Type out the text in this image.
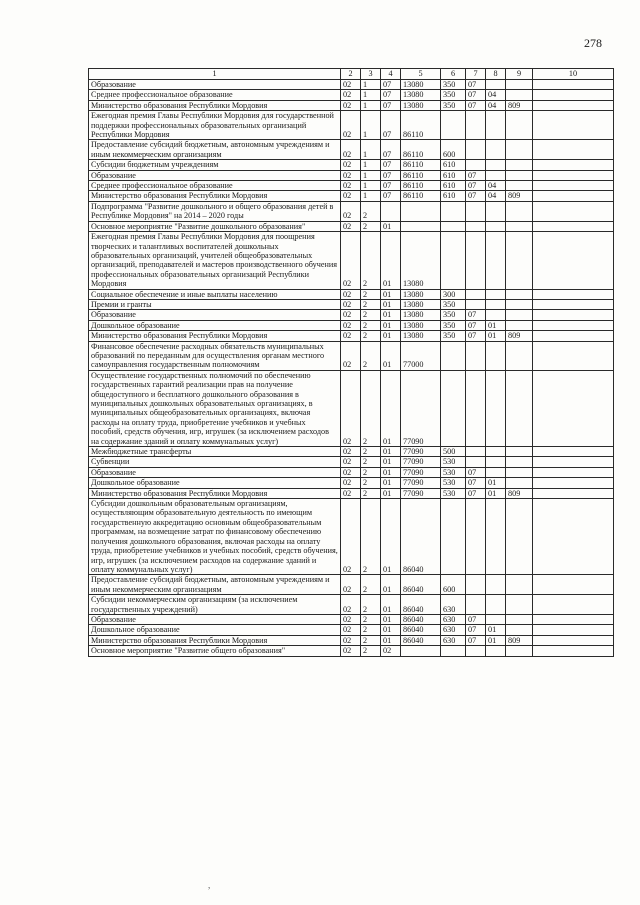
278
1	2	3	4	5	6	7	8	9	10	
Образование	02	1	07	13080	350	07				
Среднее профессиональное образование	02	1	07	13080	350	07	04			
Министерство образования Республики Мордовия	02	1	07	13080	350	07	04	809		
Ежегодная премия Главы Республики Мордовия для государственной поддержки профессиональных образовательных организаций Республики Мордовия	02	1	07	86110						
Предоставление субсидий бюджетным, автономным учреждениям и иным некоммерческим организациям	02	1	07	86110	600					
Субсидии бюджетным учреждениям	02	1	07	86110	610					
Образование	02	1	07	86110	610	07				
Среднее профессиональное образование	02	1	07	86110	610	07	04			
Министерство образования Республики Мордовия	02	1	07	86110	610	07	04	809		
Подпрограмма "Развитие дошкольного и общего образования детей в Республике Мордовия" на 2014 – 2020 годы	02	2								
Основное мероприятие "Развитие дошкольного образования"	02	2	01							
Ежегодная премия Главы Республики Мордовия для поощрения творческих и талантливых воспитателей дошкольных образовательных организаций, учителей общеобразовательных организаций, преподавателей и мастеров производственного обучения профессиональных образовательных организаций Республики Мордовия	02	2	01	13080						
Социальное обеспечение и иные выплаты населению	02	2	01	13080	300					
Премии и гранты	02	2	01	13080	350					
Образование	02	2	01	13080	350	07				
Дошкольное образование	02	2	01	13080	350	07	01			
Министерство образования Республики Мордовия	02	2	01	13080	350	07	01	809		
Финансовое обеспечение расходных обязательств муниципальных образований по переданным для осуществления органам местного самоуправления государственным полномочиям	02	2	01	77000						
Осуществление государственных полномочий по обеспечению государственных гарантий реализации прав на получение общедоступного и бесплатного дошкольного образования в муниципальных дошкольных образовательных организациях, в муниципальных общеобразовательных организациях, включая расходы на оплату труда, приобретение учебников и учебных пособий, средств обучения, игр, игрушек (за исключением расходов на содержание зданий и оплату коммунальных услуг)	02	2	01	77090						
Межбюджетные трансферты	02	2	01	77090	500					
Субвенции	02	2	01	77090	530					
Образование	02	2	01	77090	530	07				
Дошкольное образование	02	2	01	77090	530	07	01			
Министерство образования Республики Мордовия	02	2	01	77090	530	07	01	809		
Субсидии дошкольным образовательным организациям, осуществляющим образовательную деятельность по имеющим государственную аккредитацию основным общеобразовательным программам, на возмещение затрат по финансовому обеспечению получения дошкольного образования, включая расходы на оплату труда, приобретение учебников и учебных пособий, средств обучения, игр, игрушек (за исключением расходов на содержание зданий и оплату коммунальных услуг)	02	2	01	86040						
Предоставление субсидий бюджетным, автономным учреждениям и иным некоммерческим организациям	02	2	01	86040	600					
Субсидии некоммерческим организациям (за исключением государственных учреждений)	02	2	01	86040	630					
Образование	02	2	01	86040	630	07				
Дошкольное образование	02	2	01	86040	630	07	01			
Министерство образования Республики Мордовия	02	2	01	86040	630	07	01	809		
Основное мероприятие "Развитие общего образования"	02	2	02							
,
